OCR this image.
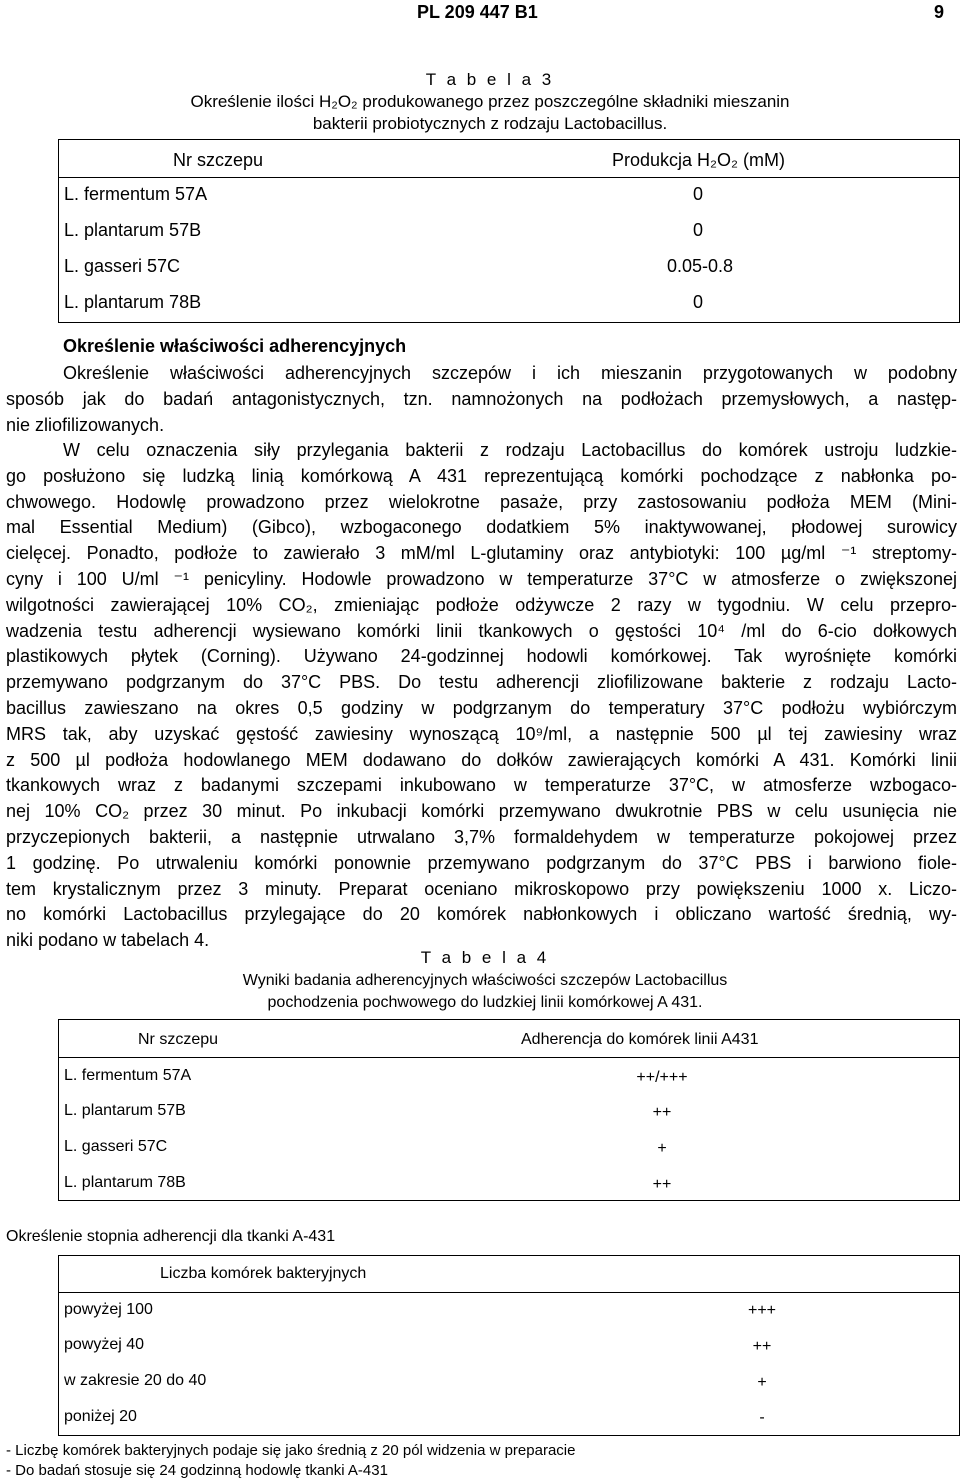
PL 209 447 B1	9
T a b e l a 3
Określenie ilości H₂O₂ produkowanego przez poszczególne składniki mieszanin
bakterii probiotycznych z rodzaju Lactobacillus.
Nr szczepu	Produkcja H₂O₂ (mM)
L. fermentum 57A	0
L. plantarum 57B	0
L. gasseri 57C	0.05-0.8
L. plantarum 78B	0
Określenie właściwości adherencyjnych
Określenie właściwości adherencyjnych szczepów i ich mieszanin przygotowanych w podobny
sposób jak do badań antagonistycznych, tzn. namnożonych na podłożach przemysłowych, a następ-
nie zliofilizowanych.
W celu oznaczenia siły przylegania bakterii z rodzaju Lactobacillus do komórek ustroju ludzkie-
go posłużono się ludzką linią komórkową A 431 reprezentującą komórki pochodzące z nabłonka po-
chwowego. Hodowlę prowadzono przez wielokrotne pasaże, przy zastosowaniu podłoża MEM (Mini-
mal Essential Medium) (Gibco), wzbogaconego dodatkiem 5% inaktywowanej, płodowej surowicy
cielęcej. Ponadto, podłoże to zawierało 3 mM/ml L-glutaminy oraz antybiotyki: 100 µg/ml ⁻¹ streptomy-
cyny i 100 U/ml ⁻¹ penicyliny. Hodowle prowadzono w temperaturze 37°C w atmosferze o zwiększonej
wilgotności zawierającej 10% CO₂, zmieniając podłoże odżywcze 2 razy w tygodniu. W celu przepro-
wadzenia testu adherencji wysiewano komórki linii tkankowych o gęstości 10⁴ /ml do 6-cio dołkowych
plastikowych płytek (Corning). Używano 24-godzinnej hodowli komórkowej. Tak wyrośnięte komórki
przemywano podgrzanym do 37°C PBS. Do testu adherencji zliofilizowane bakterie z rodzaju Lacto-
bacillus zawieszano na okres 0,5 godziny w podgrzanym do temperatury 37°C podłożu wybiórczym
MRS tak, aby uzyskać gęstość zawiesiny wynoszącą 10⁹/ml, a następnie 500 µl tej zawiesiny wraz
z 500 µl podłoża hodowlanego MEM dodawano do dołków zawierających komórki A 431. Komórki linii
tkankowych wraz z badanymi szczepami inkubowano w temperaturze 37°C, w atmosferze wzbogaco-
nej 10% CO₂ przez 30 minut. Po inkubacji komórki przemywano dwukrotnie PBS w celu usunięcia nie
przyczepionych bakterii, a następnie utrwalano 3,7% formaldehydem w temperaturze pokojowej przez
1 godzinę. Po utrwaleniu komórki ponownie przemywano podgrzanym do 37°C PBS i barwiono fiole-
tem krystalicznym przez 3 minuty. Preparat oceniano mikroskopowo przy powiększeniu 1000 x. Liczo-
no komórki Lactobacillus przylegające do 20 komórek nabłonkowych i obliczano wartość średnią, wy-
niki podano w tabelach 4.
T a b e l a 4
Wyniki badania adherencyjnych właściwości szczepów Lactobacillus
pochodzenia pochwowego do ludzkiej linii komórkowej A 431.
Nr szczepu	Adherencja do komórek linii A431
L. fermentum 57A	++/+++
L. plantarum 57B	++
L. gasseri 57C	+
L. plantarum 78B	++
Określenie stopnia adherencji dla tkanki A-431
Liczba komórek bakteryjnych
powyżej 100	+++
powyżej 40	++
w zakresie 20 do 40	+
poniżej 20	-
- Liczbę komórek bakteryjnych podaje się jako średnią z 20 pól widzenia w preparacie
- Do badań stosuje się 24 godzinną hodowlę tkanki A-431
